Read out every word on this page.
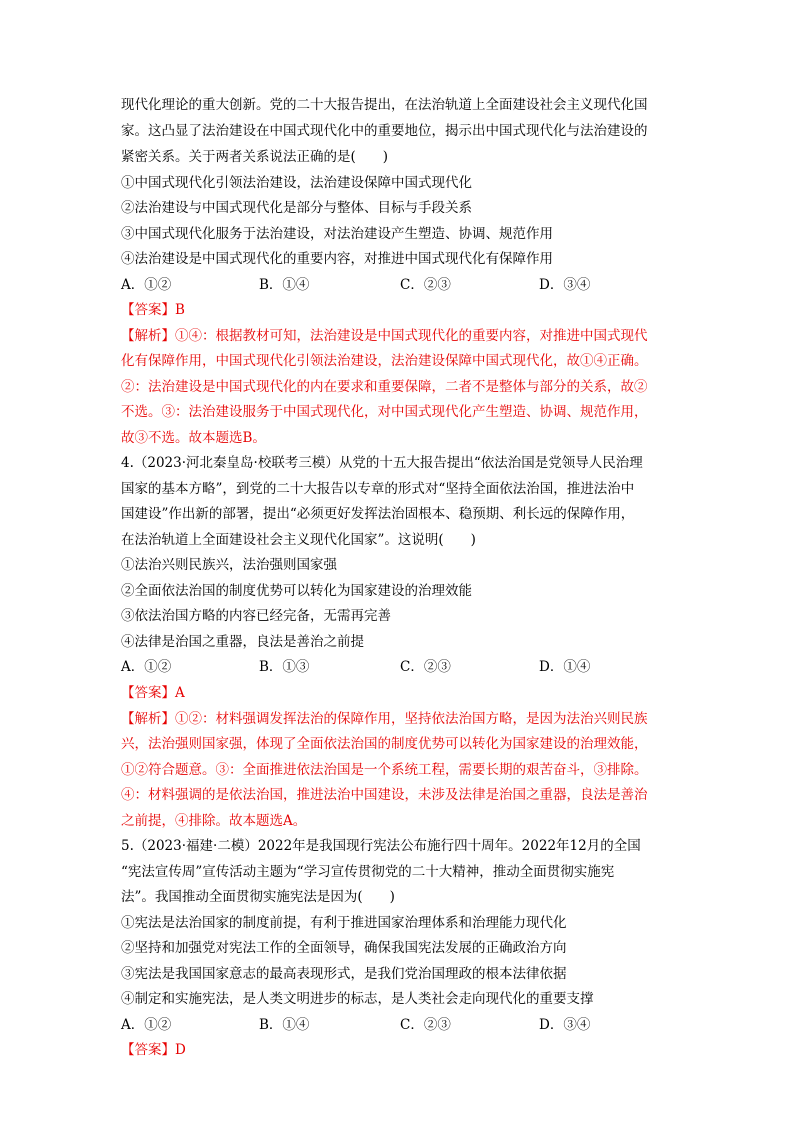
现代化理论的重大创新。党的二十大报告提出，在法治轨道上全面建设社会主义现代化国
家。这凸显了法治建设在中国式现代化中的重要地位，揭示出中国式现代化与法治建设的
紧密关系。关于两者关系说法正确的是(　　)
①中国式现代化引领法治建设，法治建设保障中国式现代化
②法治建设与中国式现代化是部分与整体、目标与手段关系
③中国式现代化服务于法治建设，对法治建设产生塑造、协调、规范作用
④法治建设是中国式现代化的重要内容，对推进中国式现代化有保障作用
A．①②	B．①④	C．②③	D．③④
【答案】B
【解析】①④：根据教材可知，法治建设是中国式现代化的重要内容，对推进中国式现代
化有保障作用，中国式现代化引领法治建设，法治建设保障中国式现代化，故①④正确。
②：法治建设是中国式现代化的内在要求和重要保障，二者不是整体与部分的关系，故②
不选。③：法治建设服务于中国式现代化，对中国式现代化产生塑造、协调、规范作用，
故③不选。故本题选B。
4.（2023·河北秦皇岛·校联考三模）从党的十五大报告提出“依法治国是党领导人民治理
国家的基本方略”，到党的二十大报告以专章的形式对“坚持全面依法治国，推进法治中
国建设”作出新的部署，提出“必须更好发挥法治固根本、稳预期、利长远的保障作用，
在法治轨道上全面建设社会主义现代化国家”。这说明(　　)
①法治兴则民族兴，法治强则国家强
②全面依法治国的制度优势可以转化为国家建设的治理效能
③依法治国方略的内容已经完备，无需再完善
④法律是治国之重器，良法是善治之前提
A．①②	B．①③	C．②③	D．①④
【答案】A
【解析】①②：材料强调发挥法治的保障作用，坚持依法治国方略，是因为法治兴则民族
兴，法治强则国家强，体现了全面依法治国的制度优势可以转化为国家建设的治理效能，
①②符合题意。③：全面推进依法治国是一个系统工程，需要长期的艰苦奋斗，③排除。
④：材料强调的是依法治国，推进法治中国建设，未涉及法律是治国之重器，良法是善治
之前提，④排除。故本题选A。
5.（2023·福建·二模）2022年是我国现行宪法公布施行四十周年。2022年12月的全国
“宪法宣传周”宣传活动主题为“学习宣传贯彻党的二十大精神，推动全面贯彻实施宪
法”。我国推动全面贯彻实施宪法是因为(　　)
①宪法是法治国家的制度前提，有利于推进国家治理体系和治理能力现代化
②坚持和加强党对宪法工作的全面领导，确保我国宪法发展的正确政治方向
③宪法是我国国家意志的最高表现形式，是我们党治国理政的根本法律依据
④制定和实施宪法，是人类文明进步的标志，是人类社会走向现代化的重要支撑
A．①②	B．①④	C．②③	D．③④
【答案】D
